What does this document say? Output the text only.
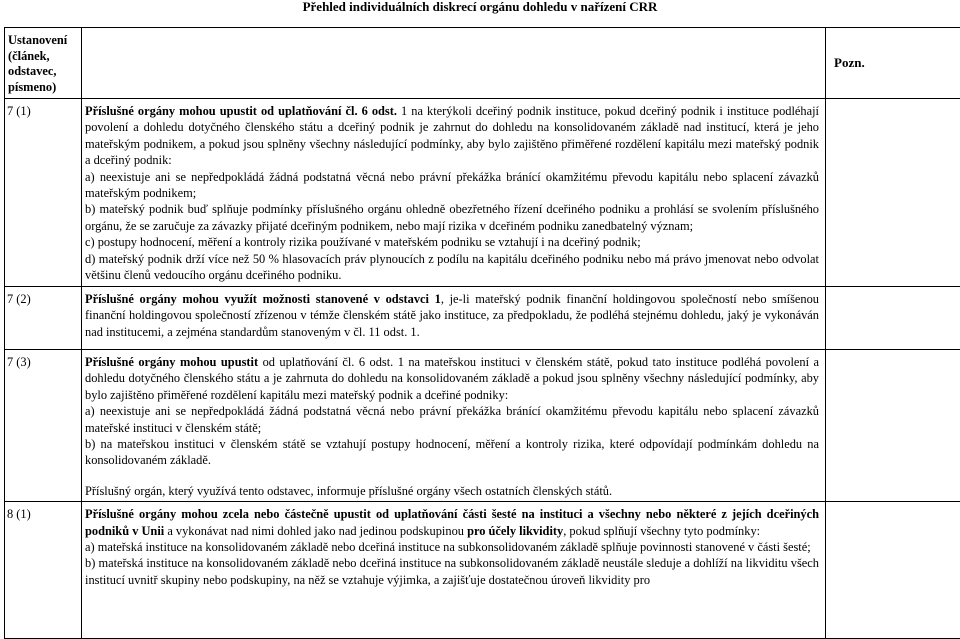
Přehled individuálních diskrecí orgánu dohledu v nařízení CRR
Ustanovení (článek, odstavec, písmeno)		Pozn.
7 (1)	Příslušné orgány mohou upustit od uplatňování čl. 6 odst. 1 na kterýkoli dceřiný podnik instituce, pokud dceřiný podnik i instituce podléhají povolení a dohledu dotyčného členského státu a dceřiný podnik je zahrnut do dohledu na konsolidovaném základě nad institucí, která je jeho mateřským podnikem, a pokud jsou splněny všechny následující podmínky, aby bylo zajištěno přiměřené rozdělení kapitálu mezi mateřský podnik a dceřiný podnik:

a) neexistuje ani se nepředpokládá žádná podstatná věcná nebo právní překážka bránící okamžitému převodu kapitálu nebo splacení závazků mateřským podnikem;

b) mateřský podnik buď splňuje podmínky příslušného orgánu ohledně obezřetného řízení dceřiného podniku a prohlásí se svolením příslušného orgánu, že se zaručuje za závazky přijaté dceřiným podnikem, nebo mají rizika v dceřiném podniku zanedbatelný význam;

c) postupy hodnocení, měření a kontroly rizika používané v mateřském podniku se vztahují i na dceřiný podnik;

d) mateřský podnik drží více než 50 % hlasovacích práv plynoucích z podílu na kapitálu dceřiného podniku nebo má právo jmenovat nebo odvolat většinu členů vedoucího orgánu dceřiného podniku.	

7 (2)	Příslušné orgány mohou využít možnosti stanovené v odstavci 1, je-li mateřský podnik finanční holdingovou společností nebo smíšenou finanční holdingovou společností zřízenou v témže členském státě jako instituce, za předpokladu, že podléhá stejnému dohledu, jaký je vykonáván nad institucemi, a zejména standardům stanoveným v čl. 11 odst. 1.	

7 (3)	Příslušné orgány mohou upustit od uplatňování čl. 6 odst. 1 na mateřskou instituci v členském státě, pokud tato instituce podléhá povolení a dohledu dotyčného členského státu a je zahrnuta do dohledu na konsolidovaném základě a pokud jsou splněny všechny následující podmínky, aby bylo zajištěno přiměřené rozdělení kapitálu mezi mateřský podnik a dceřiné podniky:

a) neexistuje ani se nepředpokládá žádná podstatná věcná nebo právní překážka bránící okamžitému převodu kapitálu nebo splacení závazků mateřské instituci v členském státě;

b) na mateřskou instituci v členském státě se vztahují postupy hodnocení, měření a kontroly rizika, které odpovídají podmínkám dohledu na konsolidovaném základě.

Příslušný orgán, který využívá tento odstavec, informuje příslušné orgány všech ostatních členských států.	

8 (1)	Příslušné orgány mohou zcela nebo částečně upustit od uplatňování části šesté na instituci a všechny nebo některé z jejích dceřiných podniků v Unii a vykonávat nad nimi dohled jako nad jedinou podskupinou pro účely likvidity, pokud splňují všechny tyto podmínky:

a) mateřská instituce na konsolidovaném základě nebo dceřiná instituce na subkonsolidovaném základě splňuje povinnosti stanovené v části šesté;

b) mateřská instituce na konsolidovaném základě nebo dceřiná instituce na subkonsolidovaném základě neustále sleduje a dohlíží na likviditu všech institucí uvnitř skupiny nebo podskupiny, na něž se vztahuje výjimka, a zajišťuje dostatečnou úroveň likvidity pro	
